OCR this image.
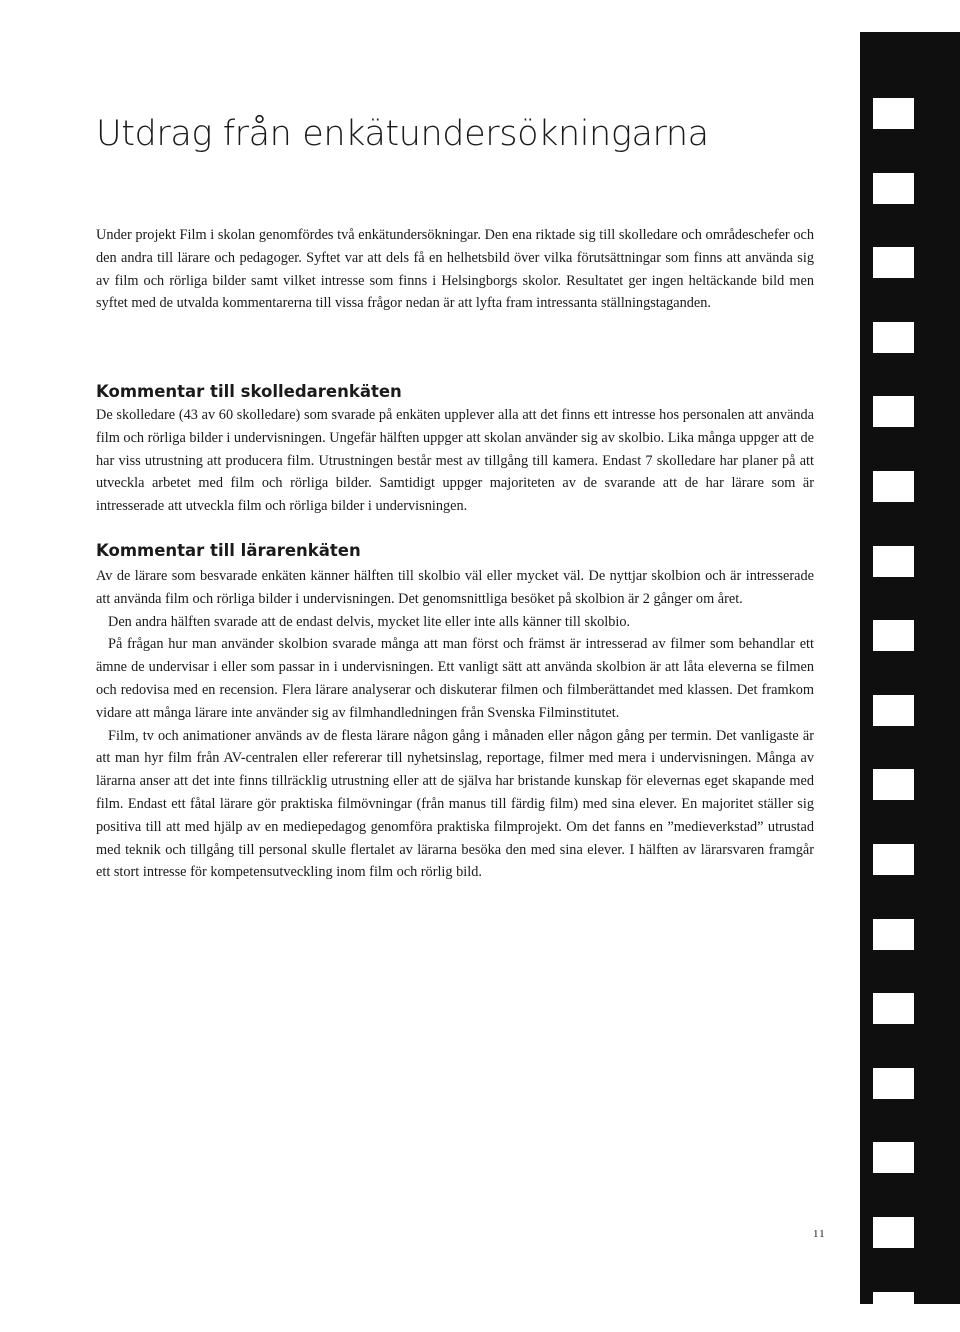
Utdrag från enkätundersökningarna

Under projekt Film i skolan genomfördes två enkätundersökningar. Den ena riktade sig till skolledare och områdeschefer och den andra till lärare och pedagoger. Syftet var att dels få en helhetsbild över vilka förutsättningar som finns att använda sig av film och rörliga bilder samt vilket intresse som finns i Helsingborgs skolor. Resultatet ger ingen heltäckande bild men syftet med de utvalda kommentarerna till vissa frågor nedan är att lyfta fram intressanta ställningstaganden.

Kommentar till skolledarenkäten

De skolledare (43 av 60 skolledare) som svarade på enkäten upplever alla att det finns ett intresse hos personalen att använda film och rörliga bilder i undervisningen. Ungefär hälften uppger att skolan använder sig av skolbio. Lika många uppger att de har viss utrustning att producera film. Utrustningen består mest av tillgång till kamera. Endast 7 skolledare har planer på att utveckla arbetet med film och rörliga bilder. Samtidigt uppger majoriteten av de svarande att de har lärare som är intresserade att utveckla film och rörliga bilder i undervisningen.

Kommentar till lärarenkäten

Av de lärare som besvarade enkäten känner hälften till skolbio väl eller mycket väl. De nyttjar skolbion och är intresserade att använda film och rörliga bilder i undervisningen. Det genomsnittliga besöket på skolbion är 2 gånger om året.

Den andra hälften svarade att de endast delvis, mycket lite eller inte alls känner till skolbio.

På frågan hur man använder skolbion svarade många att man först och främst är intresserad av filmer som behandlar ett ämne de undervisar i eller som passar in i undervisningen. Ett vanligt sätt att använda skolbion är att låta eleverna se filmen och redovisa med en recension. Flera lärare analyserar och diskuterar filmen och filmberättandet med klassen. Det framkom vidare att många lärare inte använder sig av filmhandledningen från Svenska Filminstitutet.

Film, tv och animationer används av de flesta lärare någon gång i månaden eller någon gång per termin. Det vanligaste är att man hyr film från AV-centralen eller refererar till nyhetsinslag, reportage, filmer med mera i undervisningen. Många av lärarna anser att det inte finns tillräcklig utrustning eller att de själva har bristande kunskap för elevernas eget skapande med film. Endast ett fåtal lärare gör praktiska filmövningar (från manus till färdig film) med sina elever. En majoritet ställer sig positiva till att med hjälp av en mediepedagog genomföra praktiska filmprojekt. Om det fanns en ”medieverkstad” utrustad med teknik och tillgång till personal skulle flertalet av lärarna besöka den med sina elever. I hälften av lärarsvaren framgår ett stort intresse för kompetensutveckling inom film och rörlig bild.

11
